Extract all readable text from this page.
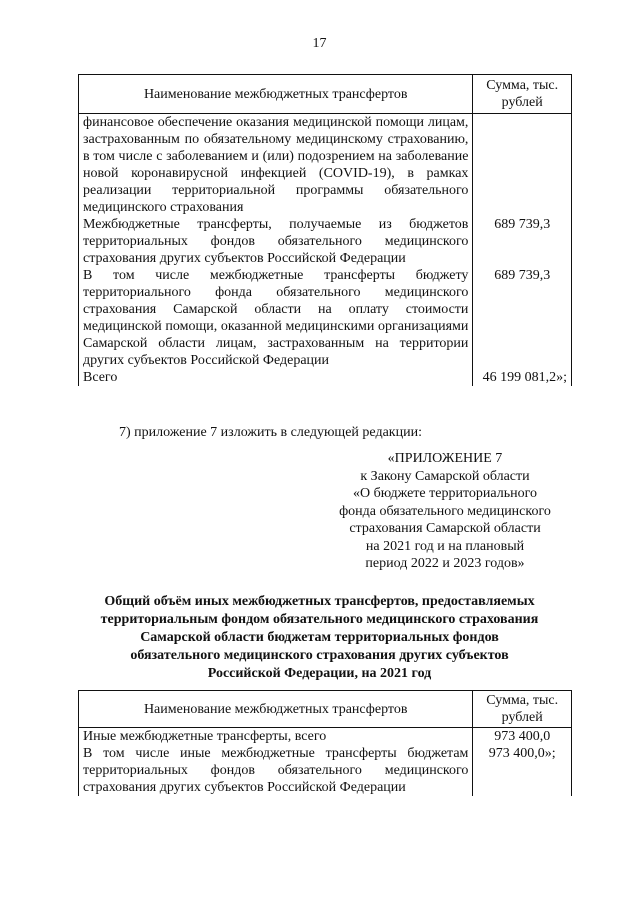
17
Наименование межбюджетных трансфертов	Сумма, тыс. рублей
финансовое обеспечение оказания медицинской помощи лицам, застрахованным по обязательному медицинскому страхованию, в том числе с заболеванием и (или) подозрением на заболевание новой коронавирусной инфекцией (COVID-19), в рамках реализации территориальной программы обязательного медицинского страхования	
Межбюджетные трансферты, получаемые из бюджетов территориальных фондов обязательного медицинского страхования других субъектов Российской Федерации	689 739,3
В том числе межбюджетные трансферты бюджету территориального фонда обязательного медицинского страхования Самарской области на оплату стоимости медицинской помощи, оказанной медицинскими организациями Самарской области лицам, застрахованным на территории других субъектов Российской Федерации	689 739,3
Всего	46 199 081,2»;
7) приложение 7 изложить в следующей редакции:
«ПРИЛОЖЕНИЕ 7
к Закону Самарской области
«О бюджете территориального
фонда обязательного медицинского
страхования Самарской области
на 2021 год и на плановый
период 2022 и 2023 годов»
Общий объём иных межбюджетных трансфертов, предоставляемых
территориальным фондом обязательного медицинского страхования
Самарской области бюджетам территориальных фондов
обязательного медицинского страхования других субъектов
Российской Федерации, на 2021 год
Наименование межбюджетных трансфертов	Сумма, тыс. рублей
Иные межбюджетные трансферты, всего	973 400,0
В том числе иные межбюджетные трансферты бюджетам территориальных фондов обязательного медицинского страхования других субъектов Российской Федерации	973 400,0»;
